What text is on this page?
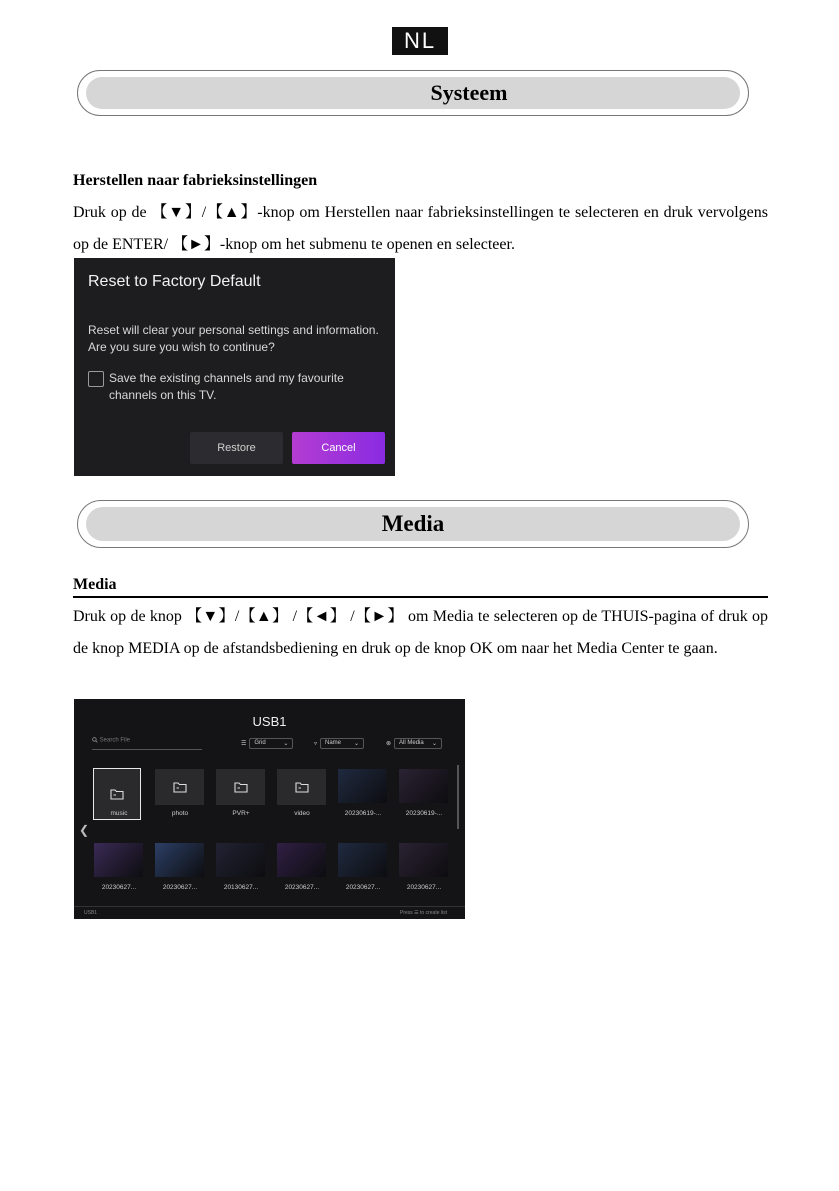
NL
Systeem
Herstellen naar fabrieksinstellingen
Druk op de 【▼】/【▲】-knop om Herstellen naar fabrieksinstellingen te selecteren en druk vervolgens op de ENTER/ 【►】-knop om het submenu te openen en selecteer.
Reset to Factory Default
Reset will clear your personal settings and information. Are you sure you wish to continue?
Save the existing channels and my favourite channels on this TV.
Restore	Cancel
Media
Media
Druk op de knop 【▼】/【▲】 /【◄】 /【►】 om Media te selecteren op de THUIS-pagina of druk op de knop MEDIA op de afstandsbediening en druk op de knop OK om naar het Media Center te gaan.
USB1
Search File	☰ Grid	⌄	▿ Name ⌄	⊗ All Media ⌄
❮
music	photo	PVR+	video	20230619-...	20230619-...
20230627...	20230627...	20130627...	20230627...	20230627...	20230627...
USB1	Press ☰ to create list
